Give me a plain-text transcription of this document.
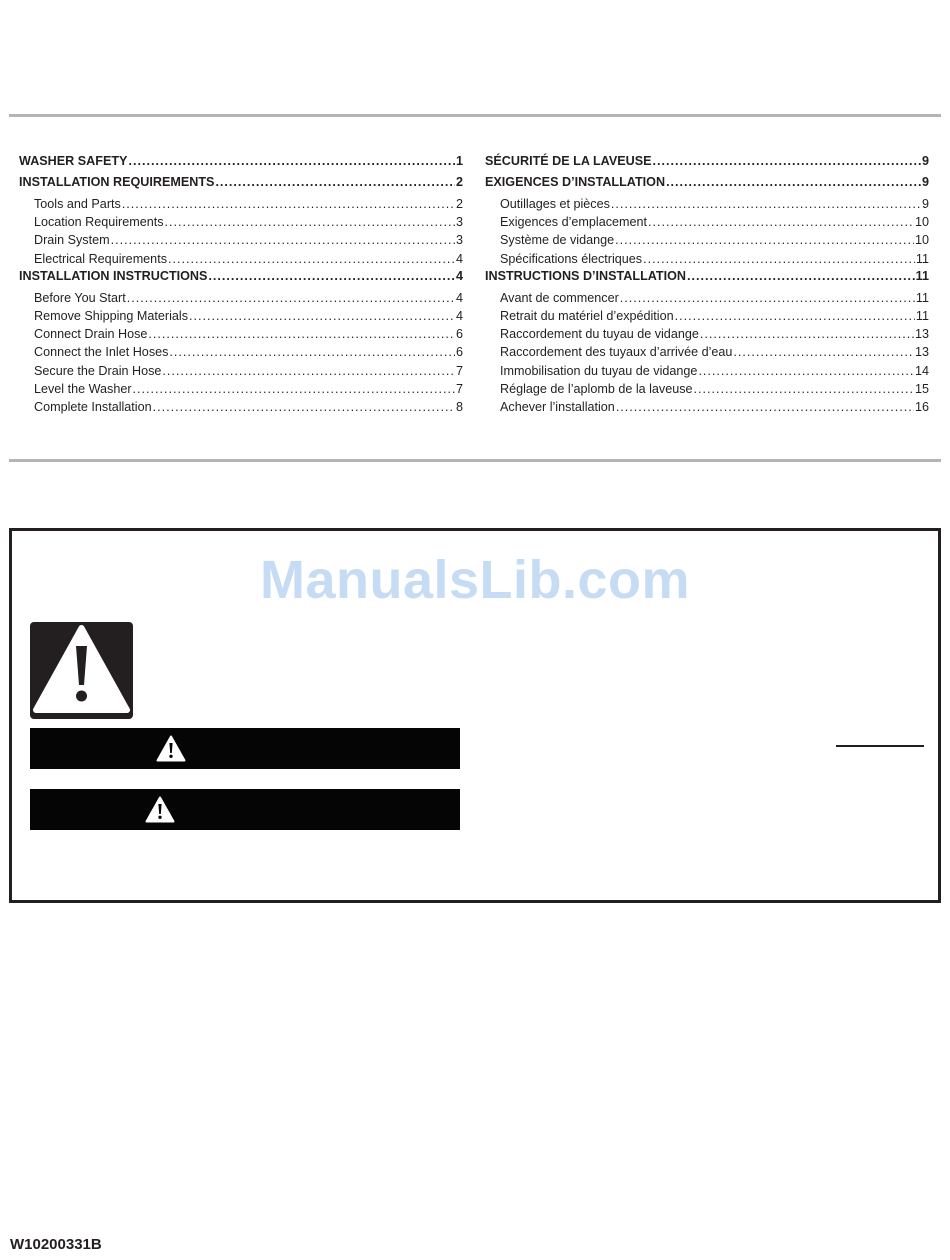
WASHER SAFETY .....	1
INSTALLATION REQUIREMENTS .....	2
Tools and Parts .....	2
Location Requirements .....	3
Drain System .....	3
Electrical Requirements .....	4
INSTALLATION INSTRUCTIONS .....	4
Before You Start .....	4
Remove Shipping Materials .....	4
Connect Drain Hose .....	6
Connect the Inlet Hoses .....	6
Secure the Drain Hose .....	7
Level the Washer .....	7
Complete Installation .....	8
SÉCURITÉ DE LA LAVEUSE .....	9
EXIGENCES D’INSTALLATION .....	9
Outillages et pièces .....	9
Exigences d’emplacement .....	10
Système de vidange .....	10
Spécifications électriques .....	11
INSTRUCTIONS D’INSTALLATION .....	11
Avant de commencer .....	11
Retrait du matériel d’expédition .....	11
Raccordement du tuyau de vidange .....	13
Raccordement des tuyaux d’arrivée d’eau .....	13
Immobilisation du tuyau de vidange .....	14
Réglage de l’aplomb de la laveuse .....	15
Achever l’installation .....	16
ManualsLib.com
W10200331B
